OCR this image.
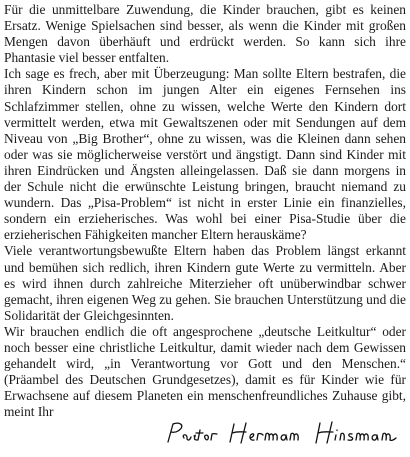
Für die unmittelbare Zuwendung, die Kinder brauchen, gibt es keinen Ersatz. Wenige Spielsachen sind besser, als wenn die Kinder mit großen Mengen davon überhäuft und erdrückt werden. So kann sich ihre Phantasie viel besser entfalten.

Ich sage es frech, aber mit Überzeugung: Man sollte Eltern bestrafen, die ihren Kindern schon im jungen Alter ein eigenes Fernsehen ins Schlafzimmer stellen, ohne zu wissen, welche Werte den Kindern dort vermittelt werden, etwa mit Gewaltszenen oder mit Sendungen auf dem Niveau von „Big Brother“, ohne zu wissen, was die Kleinen dann sehen oder was sie möglicherweise verstört und ängstigt. Dann sind Kinder mit ihren Eindrücken und Ängsten alleingelassen. Daß sie dann morgens in der Schule nicht die erwünschte Leistung bringen, braucht niemand zu wundern. Das „Pisa-Problem“ ist nicht in erster Linie ein finanzielles, sondern ein erzieherisches. Was wohl bei einer Pisa-Studie über die erzieherischen Fähigkeiten mancher Eltern herauskäme?

Viele verantwortungsbewußte Eltern haben das Problem längst erkannt und bemühen sich redlich, ihren Kindern gute Werte zu vermitteln. Aber es wird ihnen durch zahlreiche Miterzieher oft unüberwindbar schwer gemacht, ihren eigenen Weg zu gehen. Sie brauchen Unterstützung und die Solidarität der Gleichgesinnten.

Wir brauchen endlich die oft angesprochene „deutsche Leitkultur“ oder noch besser eine christliche Leitkultur, damit wieder nach dem Gewissen gehandelt wird, „in Verantwortung vor Gott und den Menschen.“ (Präambel des Deutschen Grundgesetzes), damit es für Kinder wie für Erwachsene auf diesem Planeten ein menschenfreundliches Zuhause gibt, meint Ihr
